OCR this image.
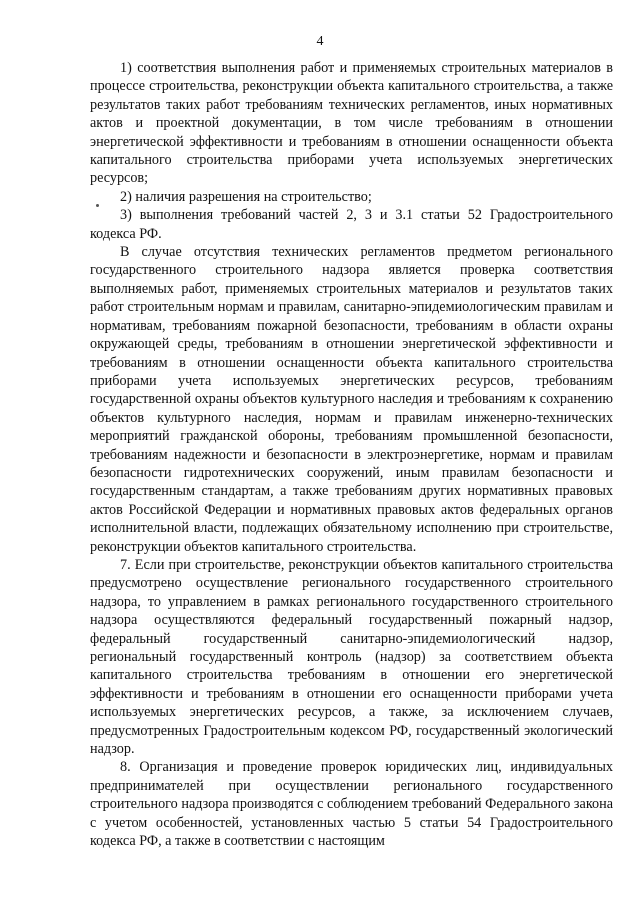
4

1) соответствия выполнения работ и применяемых строительных материалов в процессе строительства, реконструкции объекта капитального строительства, а также результатов таких работ требованиям технических регламентов, иных нормативных актов и проектной документации, в том числе требованиям в отношении энергетической эффективности и требованиям в отношении оснащенности объекта капитального строительства приборами учета используемых энергетических ресурсов;

2) наличия разрешения на строительство;

3) выполнения требований частей 2, 3 и 3.1 статьи 52 Градостроительного кодекса РФ.

В случае отсутствия технических регламентов предметом регионального государственного строительного надзора является проверка соответствия выполняемых работ, применяемых строительных материалов и результатов таких работ строительным нормам и правилам, санитарно-эпидемиологическим правилам и нормативам, требованиям пожарной безопасности, требованиям в области охраны окружающей среды, требованиям в отношении энергетической эффективности и требованиям в отношении оснащенности объекта капитального строительства приборами учета используемых энергетических ресурсов, требованиям государственной охраны объектов культурного наследия и требованиям к сохранению объектов культурного наследия, нормам и правилам инженерно-технических мероприятий гражданской обороны, требованиям промышленной безопасности, требованиям надежности и безопасности в электроэнергетике, нормам и правилам безопасности гидротехнических сооружений, иным правилам безопасности и государственным стандартам, а также требованиям других нормативных правовых актов Российской Федерации и нормативных правовых актов федеральных органов исполнительной власти, подлежащих обязательному исполнению при строительстве, реконструкции объектов капитального строительства.

7. Если при строительстве, реконструкции объектов капитального строительства предусмотрено осуществление регионального государственного строительного надзора, то управлением в рамках регионального государственного строительного надзора осуществляются федеральный государственный пожарный надзор, федеральный государственный санитарно-эпидемиологический надзор, региональный государственный контроль (надзор) за соответствием объекта капитального строительства требованиям в отношении его энергетической эффективности и требованиям в отношении его оснащенности приборами учета используемых энергетических ресурсов, а также, за исключением случаев, предусмотренных Градостроительным кодексом РФ, государственный экологический надзор.

8. Организация и проведение проверок юридических лиц, индивидуальных предпринимателей при осуществлении регионального государственного строительного надзора производятся с соблюдением требований Федерального закона с учетом особенностей, установленных частью 5 статьи 54 Градостроительного кодекса РФ, а также в соответствии с настоящим
